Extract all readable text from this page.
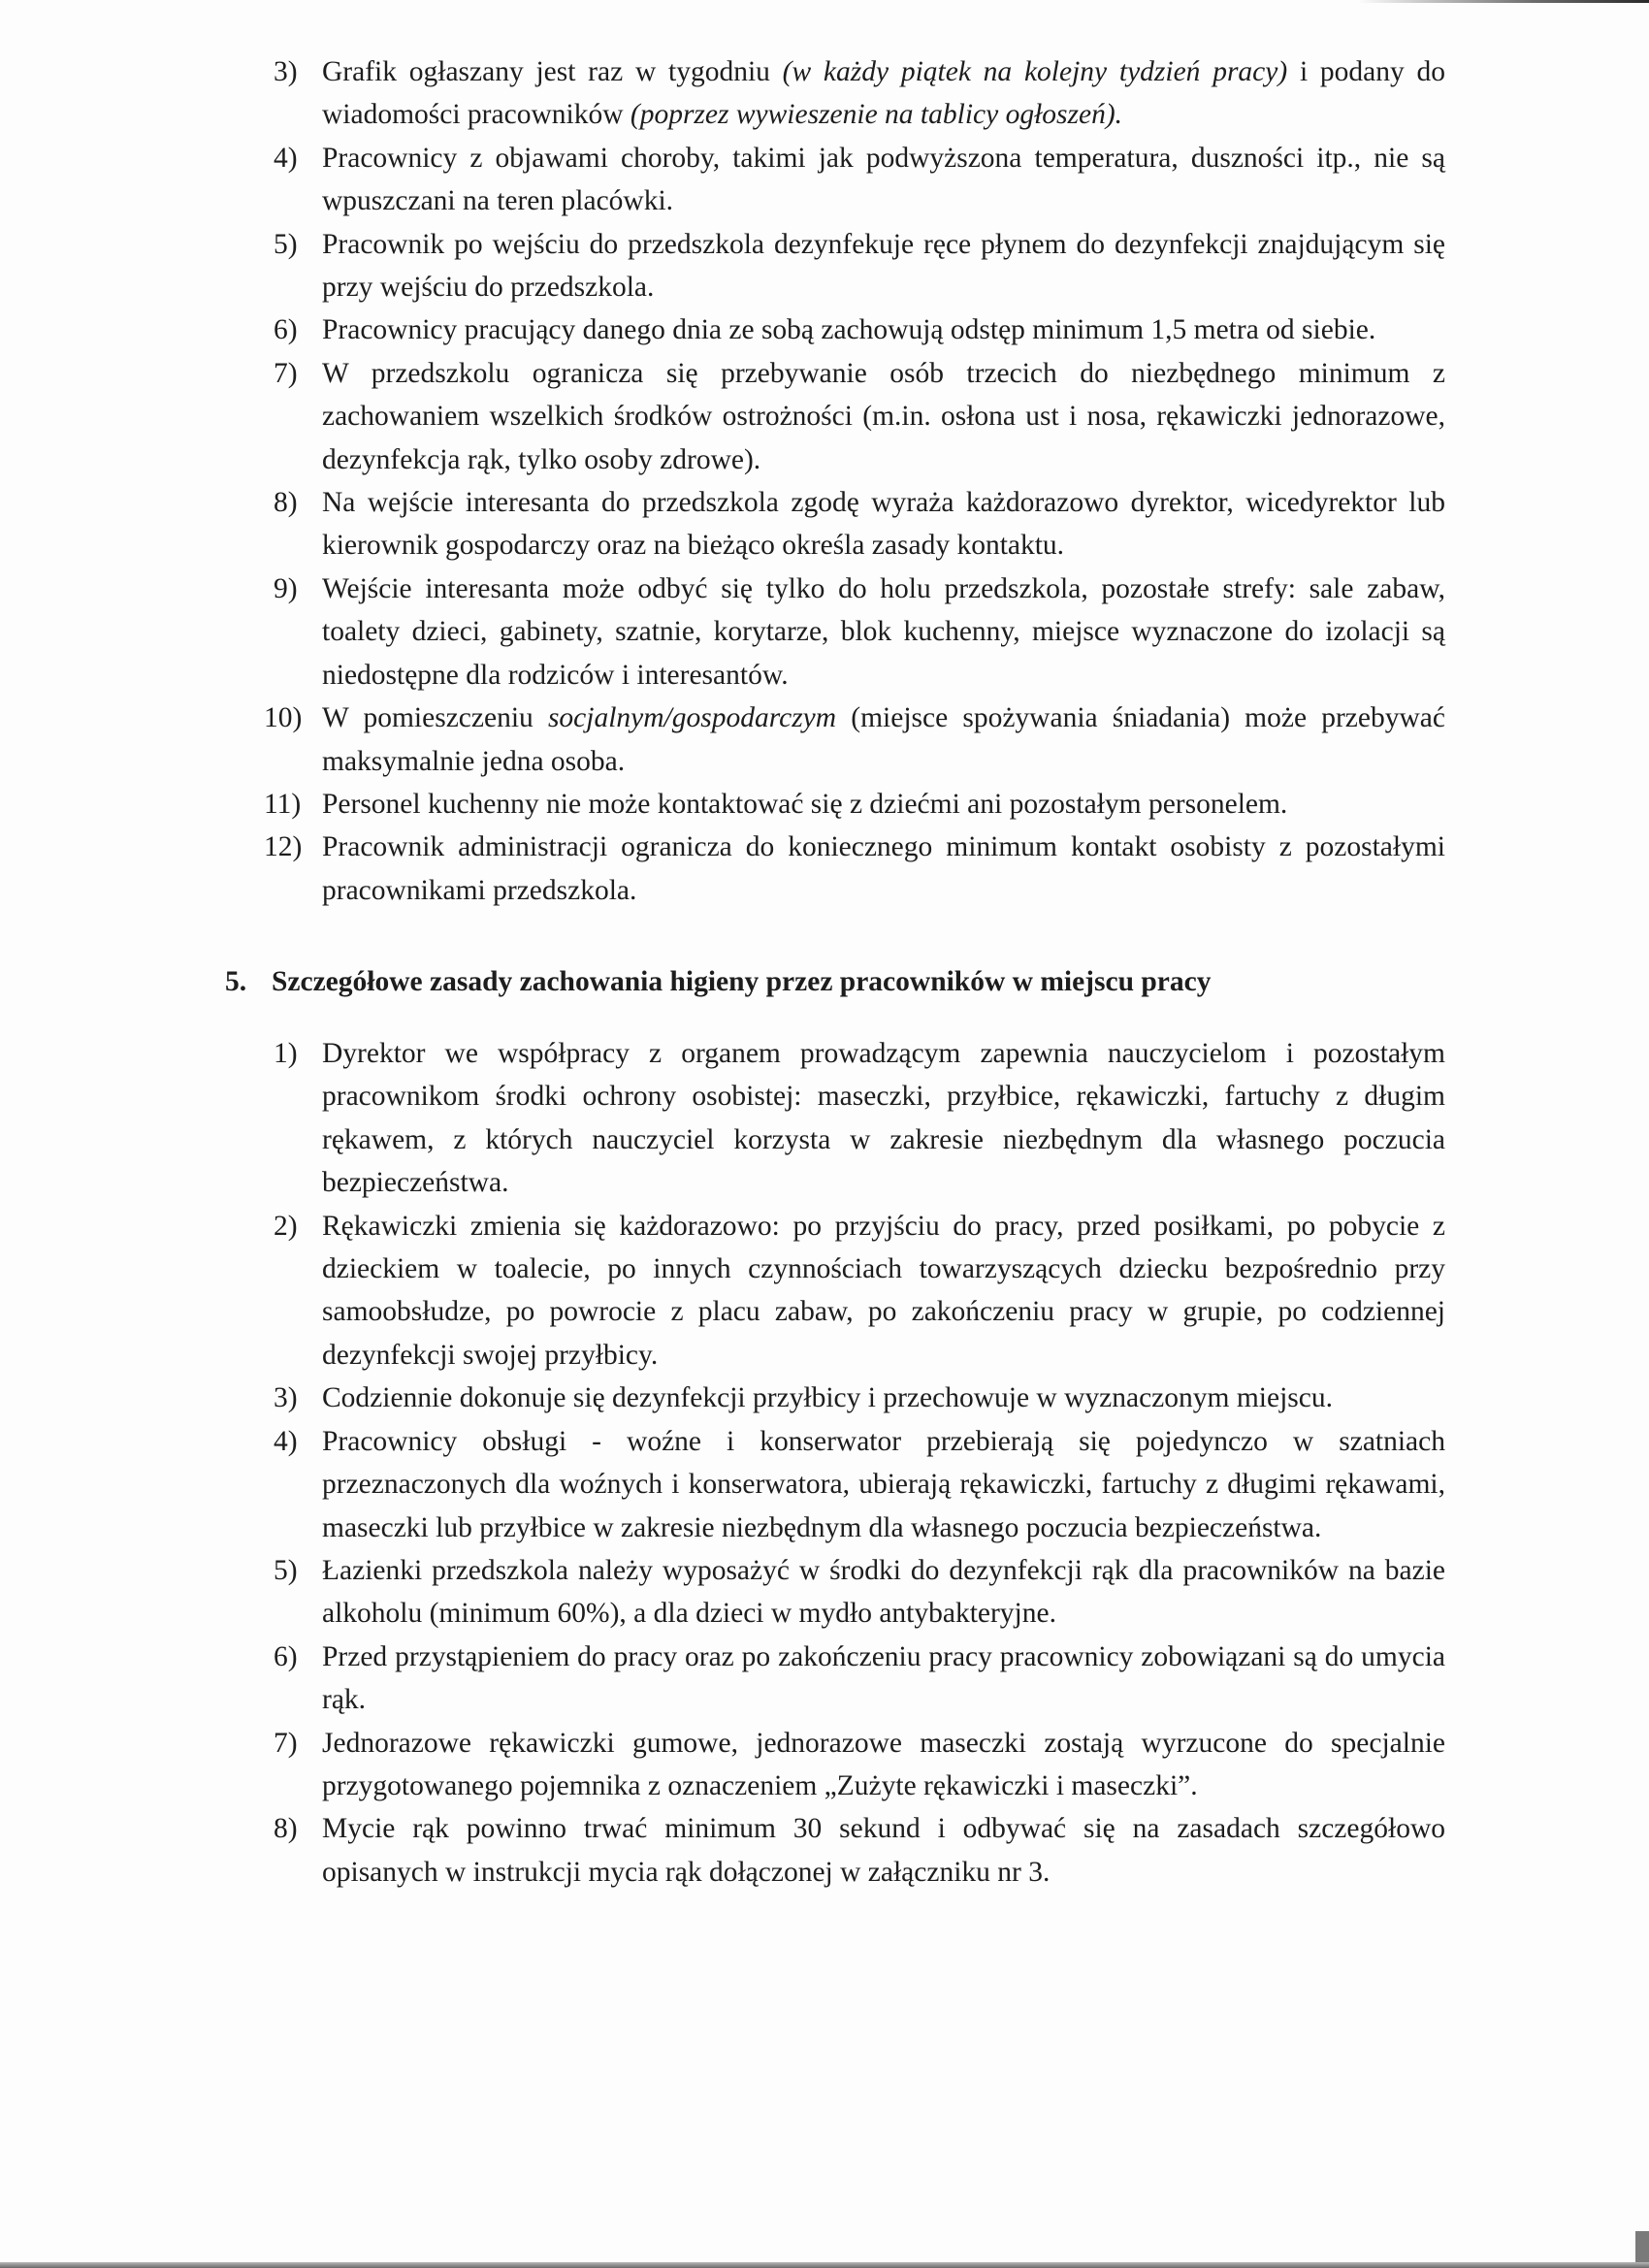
3) Grafik ogłaszany jest raz w tygodniu (w każdy piątek na kolejny tydzień pracy) i podany do wiadomości pracowników (poprzez wywieszenie na tablicy ogłoszeń).

4) Pracownicy z objawami choroby, takimi jak podwyższona temperatura, duszności itp., nie są wpuszczani na teren placówki.

5) Pracownik po wejściu do przedszkola dezynfekuje ręce płynem do dezynfekcji znajdującym się przy wejściu do przedszkola.

6) Pracownicy pracujący danego dnia ze sobą zachowują odstęp minimum 1,5 metra od siebie.

7) W przedszkolu ogranicza się przebywanie osób trzecich do niezbędnego minimum z zachowaniem wszelkich środków ostrożności (m.in. osłona ust i nosa, rękawiczki jednorazowe, dezynfekcja rąk, tylko osoby zdrowe).

8) Na wejście interesanta do przedszkola zgodę wyraża każdorazowo dyrektor, wicedyrektor lub kierownik gospodarczy oraz na bieżąco określa zasady kontaktu.

9) Wejście interesanta może odbyć się tylko do holu przedszkola, pozostałe strefy: sale zabaw, toalety dzieci, gabinety, szatnie, korytarze, blok kuchenny, miejsce wyznaczone do izolacji są niedostępne dla rodziców i interesantów.

10) W pomieszczeniu socjalnym/gospodarczym (miejsce spożywania śniadania) może przebywać maksymalnie jedna osoba.

11) Personel kuchenny nie może kontaktować się z dziećmi ani pozostałym personelem.

12) Pracownik administracji ogranicza do koniecznego minimum kontakt osobisty z pozostałymi pracownikami przedszkola.

5. Szczegółowe zasady zachowania higieny przez pracowników w miejscu pracy

1) Dyrektor we współpracy z organem prowadzącym zapewnia nauczycielom i pozostałym pracownikom środki ochrony osobistej: maseczki, przyłbice, rękawiczki, fartuchy z długim rękawem, z których nauczyciel korzysta w zakresie niezbędnym dla własnego poczucia bezpieczeństwa.

2) Rękawiczki zmienia się każdorazowo: po przyjściu do pracy, przed posiłkami, po pobycie z dzieckiem w toalecie, po innych czynnościach towarzyszących dziecku bezpośrednio przy samoobsłudze, po powrocie z placu zabaw, po zakończeniu pracy w grupie, po codziennej dezynfekcji swojej przyłbicy.

3) Codziennie dokonuje się dezynfekcji przyłbicy i przechowuje w wyznaczonym miejscu.

4) Pracownicy obsługi - woźne i konserwator przebierają się pojedynczo w szatniach przeznaczonych dla woźnych i konserwatora, ubierają rękawiczki, fartuchy z długimi rękawami, maseczki lub przyłbice w zakresie niezbędnym dla własnego poczucia bezpieczeństwa.

5) Łazienki przedszkola należy wyposażyć w środki do dezynfekcji rąk dla pracowników na bazie alkoholu (minimum 60%), a dla dzieci w mydło antybakteryjne.

6) Przed przystąpieniem do pracy oraz po zakończeniu pracy pracownicy zobowiązani są do umycia rąk.

7) Jednorazowe rękawiczki gumowe, jednorazowe maseczki zostają wyrzucone do specjalnie przygotowanego pojemnika z oznaczeniem „Zużyte rękawiczki i maseczki”.

8) Mycie rąk powinno trwać minimum 30 sekund i odbywać się na zasadach szczegółowo opisanych w instrukcji mycia rąk dołączonej w załączniku nr 3.
